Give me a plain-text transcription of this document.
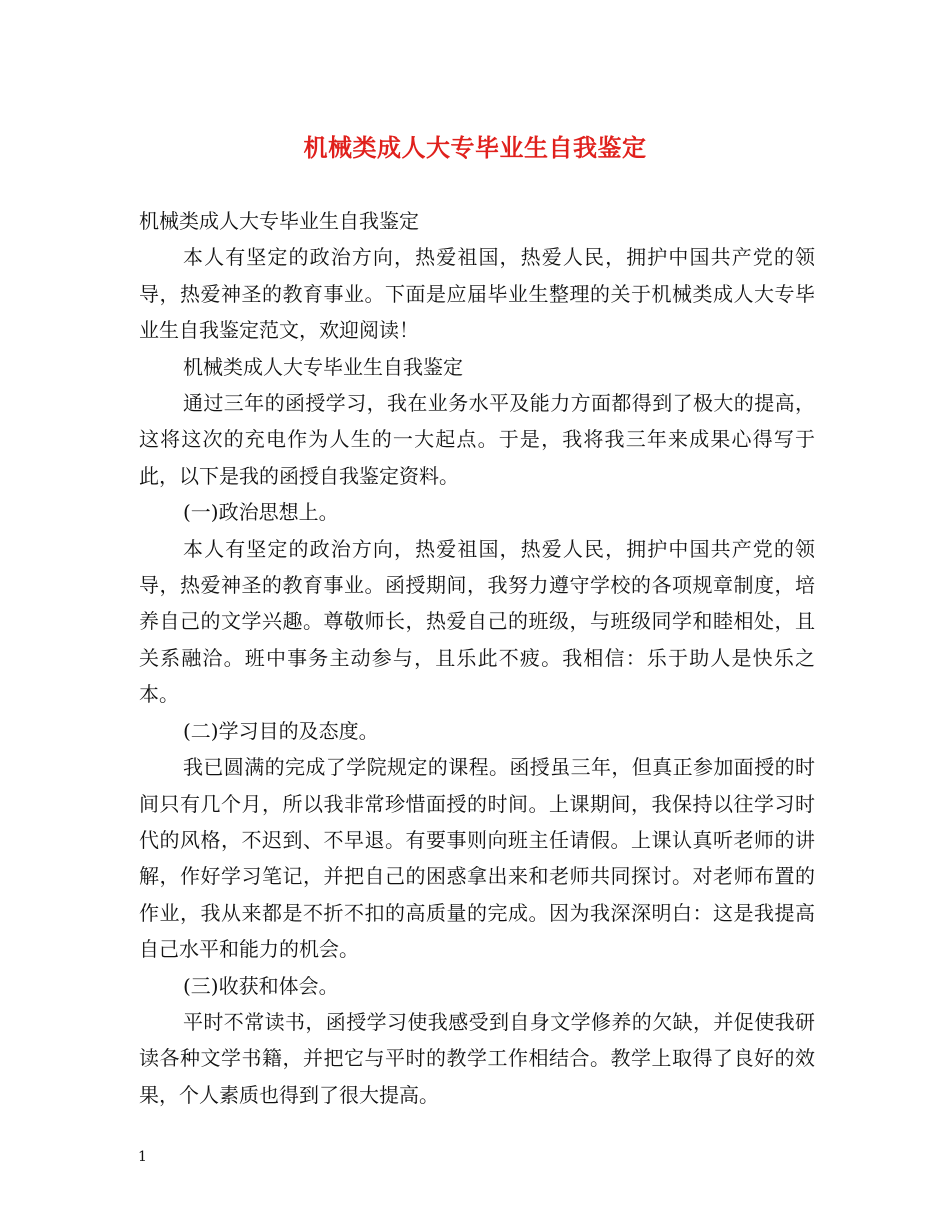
机械类成人大专毕业生自我鉴定

机械类成人大专毕业生自我鉴定

本人有坚定的政治方向，热爱祖国，热爱人民，拥护中国共产党的领导，热爱神圣的教育事业。下面是应届毕业生整理的关于机械类成人大专毕业生自我鉴定范文，欢迎阅读！

机械类成人大专毕业生自我鉴定

通过三年的函授学习，我在业务水平及能力方面都得到了极大的提高，这将这次的充电作为人生的一大起点。于是，我将我三年来成果心得写于此，以下是我的函授自我鉴定资料。

(一)政治思想上。

本人有坚定的政治方向，热爱祖国，热爱人民，拥护中国共产党的领导，热爱神圣的教育事业。函授期间，我努力遵守学校的各项规章制度，培养自己的文学兴趣。尊敬师长，热爱自己的班级，与班级同学和睦相处，且关系融洽。班中事务主动参与，且乐此不疲。我相信：乐于助人是快乐之本。

(二)学习目的及态度。

我已圆满的完成了学院规定的课程。函授虽三年，但真正参加面授的时间只有几个月，所以我非常珍惜面授的时间。上课期间，我保持以往学习时代的风格，不迟到、不早退。有要事则向班主任请假。上课认真听老师的讲解，作好学习笔记，并把自己的困惑拿出来和老师共同探讨。对老师布置的作业，我从来都是不折不扣的高质量的完成。因为我深深明白：这是我提高自己水平和能力的机会。

(三)收获和体会。

平时不常读书，函授学习使我感受到自身文学修养的欠缺，并促使我研读各种文学书籍，并把它与平时的教学工作相结合。教学上取得了良好的效果，个人素质也得到了很大提高。

1
